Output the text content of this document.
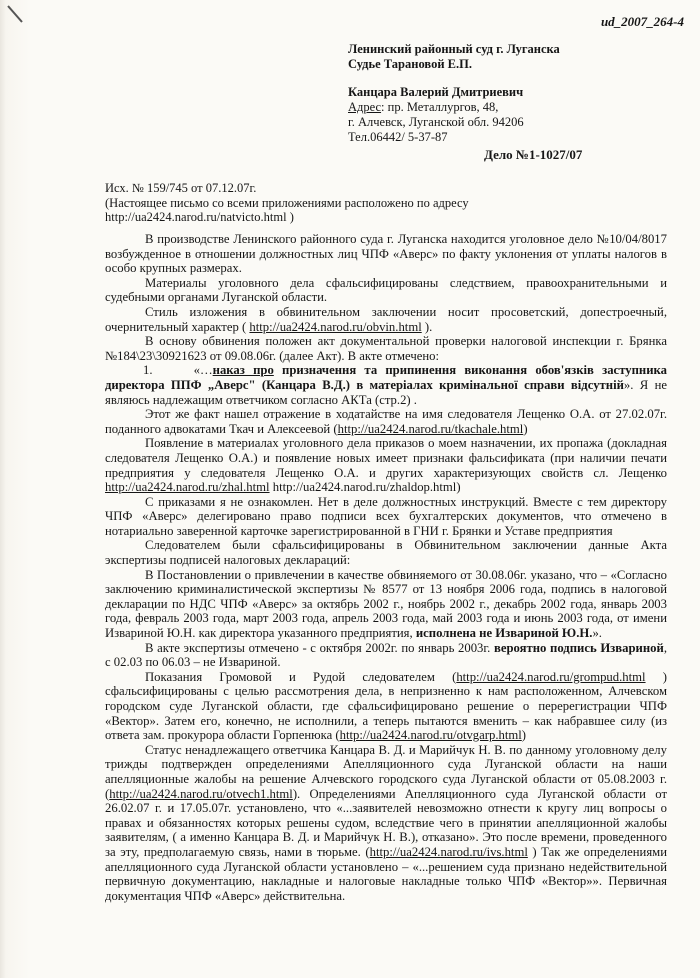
ud_2007_264-4
Ленинский районный суд г. Луганска
Судье Тарановой Е.П.
Канцара Валерий Дмитриевич
Адрес: пр. Металлургов, 48,
г. Алчевск, Луганской обл. 94206
Тел.06442/ 5-37-87
Дело №1-1027/07
Исх. № 159/745 от 07.12.07г.
(Настоящее письмо со всеми приложениями расположено по адресу
http://ua2424.narod.ru/natvicto.html )

В производстве Ленинского районного суда г. Луганска находится уголовное дело №10/04/8017 возбужденное в отношении должностных лиц ЧПФ «Аверс» по факту уклонения от уплаты налогов в особо крупных размерах.

Материалы уголовного дела сфальсифицированы следствием, правоохранительными и судебными органами Луганской области.

Стиль изложения в обвинительном заключении носит просоветский, допестроечный, очернительный характер ( http://ua2424.narod.ru/obvin.html ).

В основу обвинения положен акт документальной проверки налоговой инспекции г. Брянка №184\23\30921623 от 09.08.06г. (далее Акт). В акте отмечено:

1.	«…наказ про призначення та припинення виконання обов'язків заступника директора ППФ „Аверс" (Канцара В.Д.) в матеріалах кримінальної справи відсутній». Я не являюсь надлежащим ответчиком согласно АКТа (стр.2) .

Этот же факт нашел отражение в ходатайстве на имя следователя Лещенко О.А. от 27.02.07г. поданного адвокатами Ткач и Алексеевой (http://ua2424.narod.ru/tkachale.html)

Появление в материалах уголовного дела приказов о моем назначении, их пропажа (докладная следователя Лещенко О.А.) и появление новых имеет признаки фальсификата (при наличии печати предприятия у следователя Лещенко О.А. и других характеризующих свойств сл. Лещенко http://ua2424.narod.ru/zhal.html http://ua2424.narod.ru/zhaldop.html)

С приказами я не ознакомлен. Нет в деле должностных инструкций. Вместе с тем директору ЧПФ «Аверс» делегировано право подписи всех бухгалтерских документов, что отмечено в нотариально заверенной карточке зарегистрированной в ГНИ г. Брянки и Уставе предприятия

Следователем были сфальсифицированы в Обвинительном заключении данные Акта экспертизы подписей налоговых деклараций:

В Постановлении о привлечении в качестве обвиняемого от 30.08.06г. указано, что – «Согласно заключению криминалистической экспертизы № 8577 от 13 ноября 2006 года, подпись в налоговой декларации по НДС ЧПФ «Аверс» за октябрь 2002 г., ноябрь 2002 г., декабрь 2002 года, январь 2003 года, февраль 2003 года, март 2003 года, апрель 2003 года, май 2003 года и июнь 2003 года, от имени Извариной Ю.Н. как директора указанного предприятия, исполнена не Извариной Ю.Н.».

В акте экспертизы отмечено - с октября 2002г. по январь 2003г. вероятно подпись Извариной, с 02.03 по 06.03 – не Извариной.

Показания Громовой и Рудой следователем (http://ua2424.narod.ru/grompud.html ) сфальсифицированы с целью рассмотрения дела, в непризненно к нам расположенном, Алчевском городском суде Луганской области, где сфальсифицировано решение о перерегистрации ЧПФ «Вектор». Затем его, конечно, не исполнили, а теперь пытаются вменить – как набравшее силу (из ответа зам. прокурора области Горпенюка (http://ua2424.narod.ru/otvgarp.html)

Статус ненадлежащего ответчика Канцара В. Д. и Марийчук Н. В. по данному уголовному делу трижды подтвержден определениями Апелляционного суда Луганской области на наши апелляционные жалобы на решение Алчевского городского суда Луганской области от 05.08.2003 г. (http://ua2424.narod.ru/otvech1.html). Определениями Апелляционного суда Луганской области от 26.02.07 г. и 17.05.07г. установлено, что «...заявителей невозможно отнести к кругу лиц вопросы о правах и обязанностях которых решены судом, вследствие чего в принятии апелляционной жалобы заявителям, ( а именно Канцара В. Д. и Марийчук Н. В.), отказано». Это после времени, проведенного за эту, предполагаемую связь, нами в тюрьме. (http://ua2424.narod.ru/ivs.html ) Так же определениями апелляционного суда Луганской области установлено – «...решением суда признано недействительной первичную документацию, накладные и налоговые накладные только ЧПФ «Вектор»». Первичная документация ЧПФ «Аверс» действительна.
